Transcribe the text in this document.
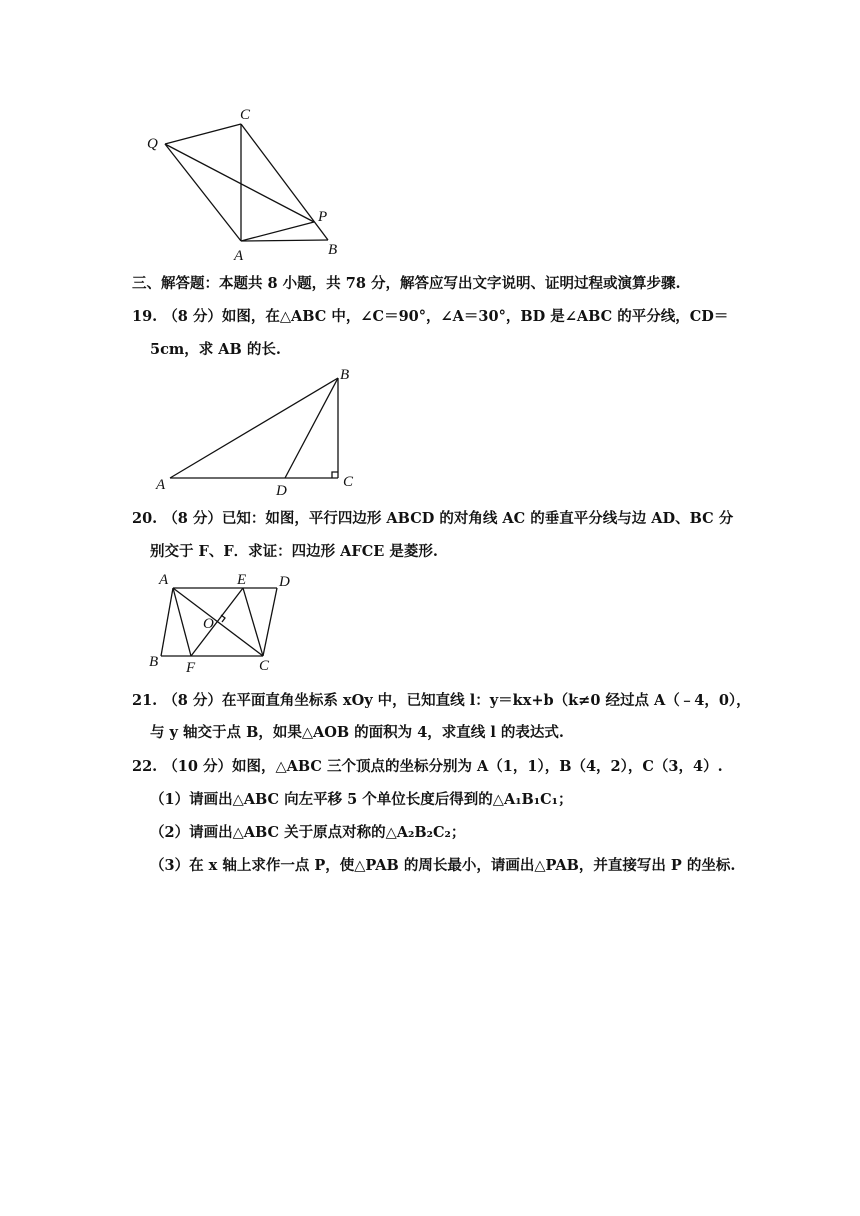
Q
C
P
A	B
三、解答题：本题共 8 小题，共 78 分，解答应写出文字说明、证明过程或演算步骤.
19. （8 分）如图，在△ABC 中，∠C＝90°，∠A＝30°，BD 是∠ABC 的平分线，CD＝
5cm，求 AB 的长.
A
B
C
D
20. （8 分）已知：如图，平行四边形 ABCD 的对角线 AC 的垂直平分线与边 AD、BC 分
别交于 F、F．求证：四边形 AFCE 是菱形.
A	E D
O
B F	C
21. （8 分）在平面直角坐标系 xOy 中，已知直线 l：y＝kx+b（k≠0 经过点 A（﹣4，0），
与 y 轴交于点 B，如果△AOB 的面积为 4，求直线 l 的表达式.
22. （10 分）如图，△ABC 三个顶点的坐标分别为 A（1，1），B（4，2），C（3，4）.
（1）请画出△ABC 向左平移 5 个单位长度后得到的△A₁B₁C₁；
（2）请画出△ABC 关于原点对称的△A₂B₂C₂；
（3）在 x 轴上求作一点 P，使△PAB 的周长最小，请画出△PAB，并直接写出 P 的坐标.
